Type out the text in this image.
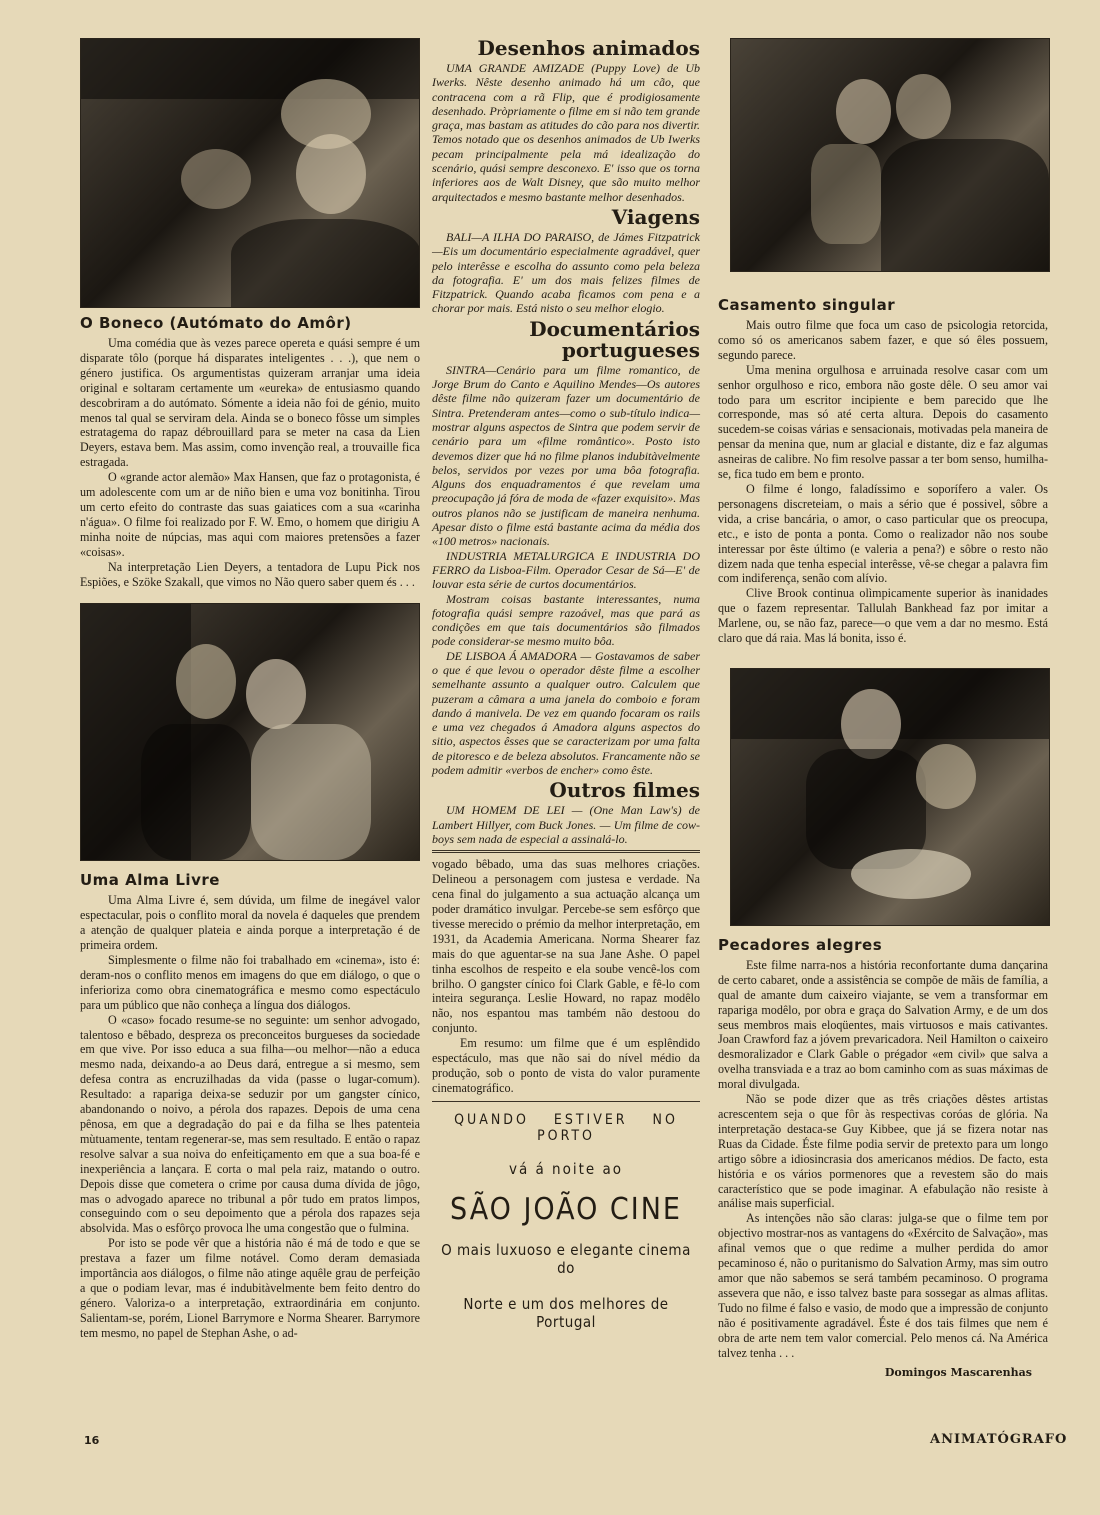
O Boneco (Autómato do Amôr)

Uma comédia que às vezes parece opereta e quási sempre é um disparate tôlo (porque há disparates inteligentes . . .), que nem o género justifica. Os argumentistas quizeram arranjar uma ideia original e soltaram certamente um «eureka» de entusiasmo quando descobriram a do autómato. Sómente a ideia não foi de génio, muito menos tal qual se serviram dela. Ainda se o boneco fôsse um simples estratagema do rapaz débrouillard para se meter na casa da Lien Deyers, estava bem. Mas assim, como invenção real, a trouvaille fica estragada.

O «grande actor alemão» Max Hansen, que faz o protagonista, é um adolescente com um ar de niño bien e uma voz bonitinha. Tirou um certo efeito do contraste das suas gaiatices com a sua «carinha n'água». O filme foi realizado por F. W. Emo, o homem que dirigiu A minha noite de núpcias, mas aqui com maiores pretensões a fazer «coisas».

Na interpretação Lien Deyers, a tentadora de Lupu Pick nos Espiões, e Szöke Szakall, que vimos no Não quero saber quem és . . .

Uma Alma Livre

Uma Alma Livre é, sem dúvida, um filme de inegável valor espectacular, pois o conflito moral da novela é daqueles que prendem a atenção de qualquer plateia e ainda porque a interpretação é de primeira ordem.

Simplesmente o filme não foi trabalhado em «cinema», isto é: deram-nos o conflito menos em imagens do que em diálogo, o que o inferioriza como obra cinematográfica e mesmo como espectáculo para um público que não conheça a língua dos diálogos.

O «caso» focado resume-se no seguinte: um senhor advogado, talentoso e bêbado, despreza os preconceitos burgueses da sociedade em que vive. Por isso educa a sua filha—ou melhor—não a educa mesmo nada, deixando-a ao Deus dará, entregue a si mesmo, sem defesa contra as encruzilhadas da vida (passe o lugar-comum). Resultado: a rapariga deixa-se seduzir por um gangster cínico, abandonando o noivo, a pérola dos rapazes. Depois de uma cena pênosa, em que a degradação do pai e da filha se lhes patenteia mùtuamente, tentam regenerar-se, mas sem resultado. E então o rapaz resolve salvar a sua noiva do enfeitiçamento em que a sua boa-fé e inexperiência a lançara. E corta o mal pela raiz, matando o outro. Depois disse que cometera o crime por causa duma dívida de jôgo, mas o advogado aparece no tribunal a pôr tudo em pratos limpos, conseguindo com o seu depoimento que a pérola dos rapazes seja absolvida. Mas o esfôrço provoca lhe uma congestão que o fulmina.

Por isto se pode vêr que a história não é má de todo e que se prestava a fazer um filme notável. Como deram demasiada importância aos diálogos, o filme não atinge aquêle grau de perfeição a que o podiam levar, mas é indubitàvelmente bem feito dentro do género. Valoriza-o a interpretação, extraordinária em conjunto. Salientam-se, porém, Lionel Barrymore e Norma Shearer. Barrymore tem mesmo, no papel de Stephan Ashe, o ad-

Desenhos animados

UMA GRANDE AMIZADE (Puppy Love) de Ub Iwerks. Nêste desenho animado há um cão, que contracena com a rã Flip, que é prodigiosamente desenhado. Pròpriamente o filme em si não tem grande graça, mas bastam as atitudes do cão para nos divertir. Temos notado que os desenhos animados de Ub Iwerks pecam principalmente pela má idealização do scenário, quási sempre desconexo. E' isso que os torna inferiores aos de Walt Disney, que são muito melhor arquitectados e mesmo bastante melhor desenhados.

Viagens

BALI—A ILHA DO PARAISO, de Jámes Fitzpatrick—Eis um documentário especialmente agradável, quer pelo interêsse e escolha do assunto como pela beleza da fotografia. E' um dos mais felizes filmes de Fitzpatrick. Quando acaba ficamos com pena e a chorar por mais. Está nisto o seu melhor elogio.

Documentários portugueses

SINTRA—Cenário para um filme romantico, de Jorge Brum do Canto e Aquilino Mendes—Os autores dêste filme não quizeram fazer um documentário de Sintra. Pretenderam antes—como o sub-título indica—mostrar alguns aspectos de Sintra que podem servir de cenário para um «filme romântico». Posto isto devemos dizer que há no filme planos indubitàvelmente belos, servidos por vezes por uma bôa fotografia. Alguns dos enquadramentos é que revelam uma preocupação já fóra de moda de «fazer exquisito». Mas outros planos não se justificam de maneira nenhuma. Apesar disto o filme está bastante acima da média dos «100 metros» nacionais.

INDUSTRIA METALURGICA E INDUSTRIA DO FERRO da Lisboa-Film. Operador Cesar de Sá—E' de louvar esta série de curtos documentários.

Mostram coisas bastante interessantes, numa fotografia quási sempre razoável, mas que pará as condições em que tais documentários são filmados pode considerar-se mesmo muito bôa.

DE LISBOA Á AMADORA — Gostavamos de saber o que é que levou o operador dêste filme a escolher semelhante assunto a qualquer outro. Calculem que puzeram a câmara a uma janela do comboio e foram dando á manivela. De vez em quando focaram os rails e uma vez chegados á Amadora alguns aspectos do sitio, aspectos êsses que se caracterizam por uma falta de pitoresco e de beleza absolutos. Francamente não se podem admitir «verbos de encher» como êste.

Outros filmes

UM HOMEM DE LEI — (One Man Law's) de Lambert Hillyer, com Buck Jones. — Um filme de cow-boys sem nada de especial a assinalá-lo.

vogado bêbado, uma das suas melhores criações. Delineou a personagem com justesa e verdade. Na cena final do julgamento a sua actuação alcança um poder dramático invulgar. Percebe-se sem esfôrço que tivesse merecido o prémio da melhor interpretação, em 1931, da Academia Americana. Norma Shearer faz mais do que aguentar-se na sua Jane Ashe. O papel tinha escolhos de respeito e ela soube vencê-los com brilho. O gangster cínico foi Clark Gable, e fê-lo com inteira segurança. Leslie Howard, no rapaz modêlo não, nos espantou mas também não destoou do conjunto.

Em resumo: um filme que é um esplêndido espectáculo, mas que não sai do nível médio da produção, sob o ponto de vista do valor puramente cinematográfico.

QUANDO ESTIVER NO PORTO
vá á noite ao
SÃO JOÃO CINE
O mais luxuoso e elegante cinema do
Norte e um dos melhores de Portugal
Casamento singular

Mais outro filme que foca um caso de psicologia retorcida, como só os americanos sabem fazer, e que só êles possuem, segundo parece.

Uma menina orgulhosa e arruinada resolve casar com um senhor orgulhoso e rico, embora não goste dêle. O seu amor vai todo para um escritor incipiente e bem parecido que lhe corresponde, mas só até certa altura. Depois do casamento sucedem-se coisas várias e sensacionais, motivadas pela maneira de pensar da menina que, num ar glacial e distante, diz e faz algumas asneiras de calibre. No fim resolve passar a ter bom senso, humilha-se, fica tudo em bem e pronto.

O filme é longo, faladíssimo e soporífero a valer. Os personagens discreteiam, o mais a sério que é possivel, sôbre a vida, a crise bancária, o amor, o caso particular que os preocupa, etc., e isto de ponta a ponta. Como o realizador não nos soube interessar por êste último (e valeria a pena?) e sôbre o resto não dizem nada que tenha especial interêsse, vê-se chegar a palavra fim com indiferença, senão com alívio.

Clive Brook continua olìmpicamente superior às inanidades que o fazem representar. Tallulah Bankhead faz por imitar a Marlene, ou, se não faz, parece—o que vem a dar no mesmo. Está claro que dá raia. Mas lá bonita, isso é.

Pecadores alegres

Este filme narra-nos a história reconfortante duma dançarina de certo cabaret, onde a assistência se compõe de mãis de família, a qual de amante dum caixeiro viajante, se vem a transformar em rapariga modêlo, por obra e graça do Salvation Army, e de um dos seus membros mais eloqüentes, mais virtuosos e mais cativantes. Joan Crawford faz a jóvem prevaricadora. Neil Hamilton o caixeiro desmoralizador e Clark Gable o prégador «em civil» que salva a ovelha transviada e a traz ao bom caminho com as suas máximas de moral divulgada.

Não se pode dizer que as três criações dêstes artistas acrescentem seja o que fôr às respectivas coróas de glória. Na interpretação destaca-se Guy Kibbee, que já se fizera notar nas Ruas da Cidade. Éste filme podia servir de pretexto para um longo artigo sôbre a idiosincrasia dos americanos médios. De facto, esta história e os vários pormenores que a revestem são do mais característico que se pode imaginar. A efabulação não resiste à análise mais superficial.

As intenções não são claras: julga-se que o filme tem por objectivo mostrar-nos as vantagens do «Exército de Salvação», mas afinal vemos que o que redime a mulher perdida do amor pecaminoso é, não o puritanismo do Salvation Army, mas sim outro amor que não sabemos se será também pecaminoso. O programa assevera que não, e isso talvez baste para sossegar as almas aflitas. Tudo no filme é falso e vasio, de modo que a impressão de conjunto não é positivamente agradável. Éste é dos tais filmes que nem é obra de arte nem tem valor comercial. Pelo menos cá. Na América talvez tenha . . .

Domingos Mascarenhas
16	ANIMATÓGRAFO
